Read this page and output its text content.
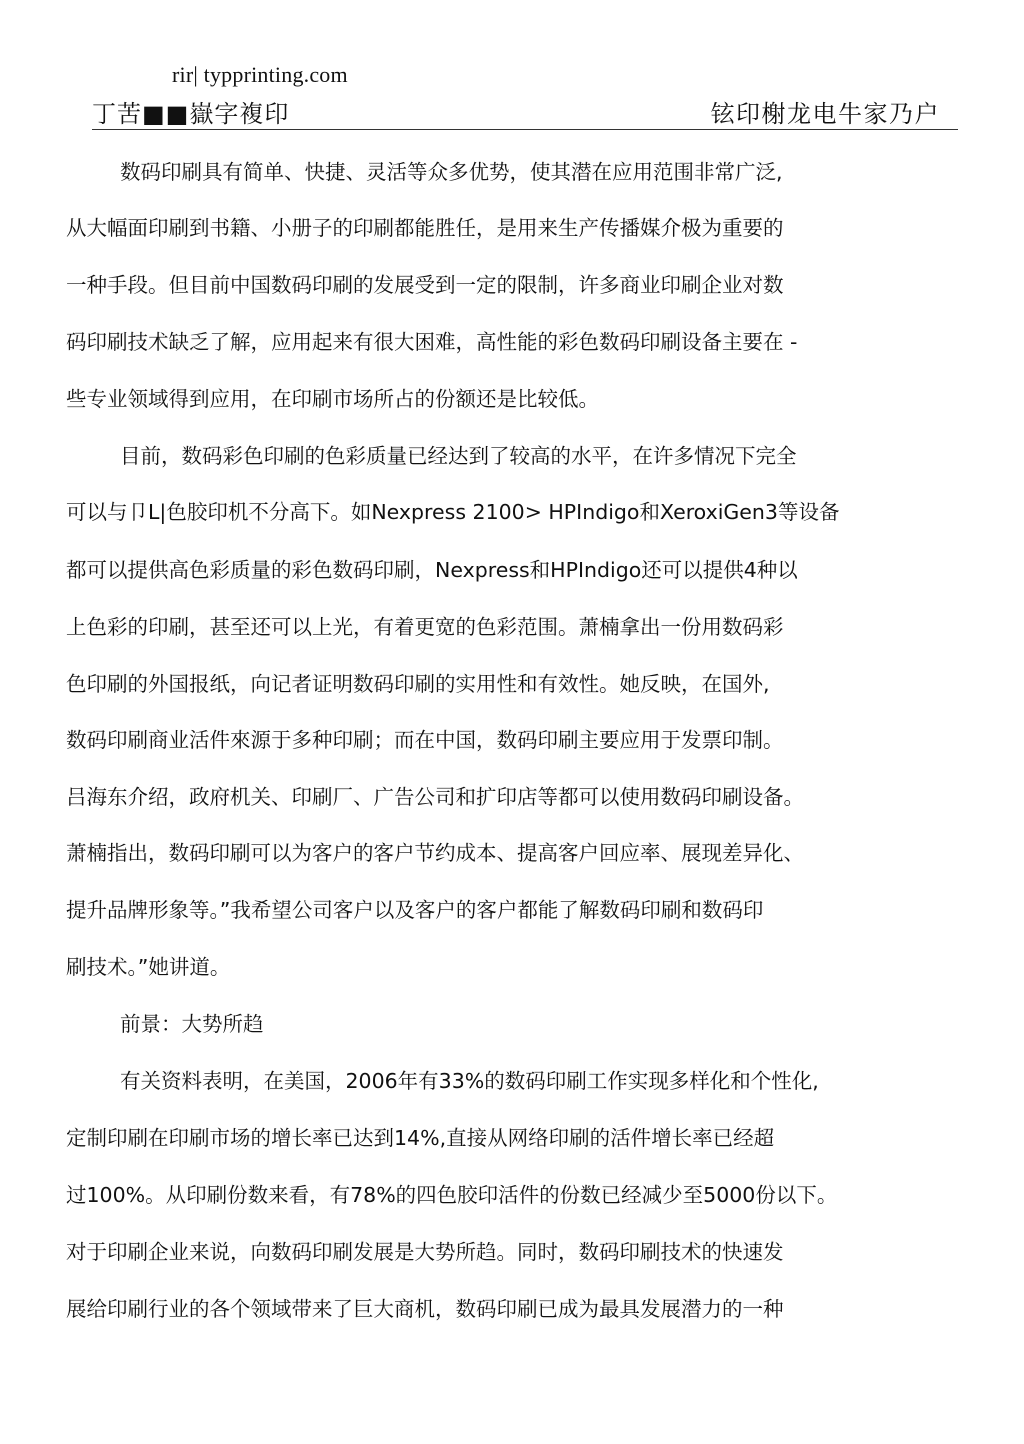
rir| typprinting.com
丁苦■■嶽字複印	铉印榭龙电牛家乃户
数码印刷具有简单、快捷、灵活等众多优势，使其潜在应用范围非常广泛,
从大幅面印刷到书籍、小册子的印刷都能胜任，是用来生产传播媒介极为重要的
一种手段。但目前中国数码印刷的发展受到一定的限制，许多商业印刷企业对数
码印刷技术缺乏了解，应用起来有很大困难，高性能的彩色数码印刷设备主要在 -
些专业领域得到应用，在印刷市场所占的份额还是比较低。
目前，数码彩色印刷的色彩质量已经达到了较高的水平，在许多情况下完全
可以与卩L|色胶印机不分高下。如Nexpress 2100> HPIndigo和XeroxiGen3等设备
都可以提供高色彩质量的彩色数码印刷，Nexpress和HPIndigo还可以提供4种以
上色彩的印刷，甚至还可以上光，有着更宽的色彩范围。萧楠拿出一份用数码彩
色印刷的外国报纸，向记者证明数码印刷的实用性和有效性。她反映，在国外,
数码印刷商业活件來源于多种印刷；而在中国，数码印刷主要应用于发票印制。
吕海东介绍，政府机关、印刷厂、广告公司和扩印店等都可以使用数码印刷设备。
萧楠指出，数码印刷可以为客户的客户节约成本、提高客户回应率、展现差异化、
提升品牌形象等。”我希望公司客户以及客户的客户都能了解数码印刷和数码印
刷技术。”她讲道。
前景：大势所趋
有关资料表明，在美国，2006年有33%的数码印刷工作实现多样化和个性化,
定制印刷在印刷市场的增长率已达到14%,直接从网络印刷的活件增长率已经超
过100%。从印刷份数来看，有78%的四色胶印活件的份数已经减少至5000份以下。
对于印刷企业来说，向数码印刷发展是大势所趋。同时，数码印刷技术的快速发
展给印刷行业的各个领域带来了巨大商机，数码印刷已成为最具发展潜力的一种
